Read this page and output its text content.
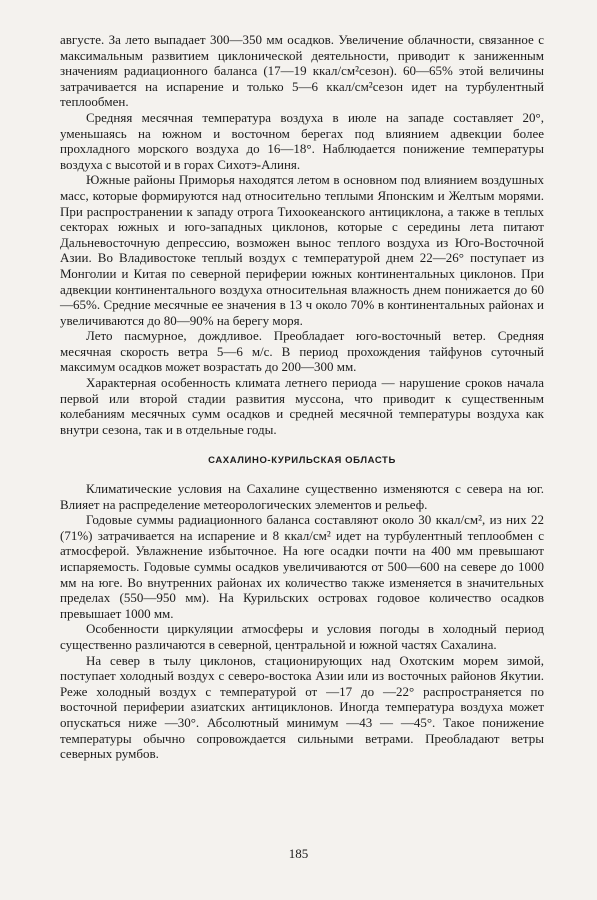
августе. За лето выпадает 300—350 мм осадков. Увеличение облачности, связанное с максимальным развитием циклонической деятельности, приводит к заниженным значениям радиационного баланса (17—19 ккал/см²сезон). 60—65% этой величины затрачивается на испарение и только 5—6 ккал/см²сезон идет на турбулентный теплообмен.

Средняя месячная температура воздуха в июле на западе составляет 20°, уменьшаясь на южном и восточном берегах под влиянием адвекции более прохладного морского воздуха до 16—18°. Наблюдается понижение температуры воздуха с высотой и в горах Сихотэ-Алиня.

Южные районы Приморья находятся летом в основном под влиянием воздушных масс, которые формируются над относительно теплыми Японским и Желтым морями. При распространении к западу отрога Тихоокеанского антициклона, а также в теплых секторах южных и юго-западных циклонов, которые с середины лета питают Дальневосточную депрессию, возможен вынос теплого воздуха из Юго-Восточной Азии. Во Владивостоке теплый воздух с температурой днем 22—26° поступает из Монголии и Китая по северной периферии южных континентальных циклонов. При адвекции континентального воздуха относительная влажность днем понижается до 60—65%. Средние месячные ее значения в 13 ч около 70% в континентальных районах и увеличиваются до 80—90% на берегу моря.

Лето пасмурное, дождливое. Преобладает юго-восточный ветер. Средняя месячная скорость ветра 5—6 м/с. В период прохождения тайфунов суточный максимум осадков может возрастать до 200—300 мм.

Характерная особенность климата летнего периода — нарушение сроков начала первой или второй стадии развития муссона, что приводит к существенным колебаниям месячных сумм осадков и средней месячной температуры воздуха как внутри сезона, так и в отдельные годы.

САХАЛИНО-КУРИЛЬСКАЯ ОБЛАСТЬ

Климатические условия на Сахалине существенно изменяются с севера на юг. Влияет на распределение метеорологических элементов и рельеф.

Годовые суммы радиационного баланса составляют около 30 ккал/см², из них 22 (71%) затрачивается на испарение и 8 ккал/см² идет на турбулентный теплообмен с атмосферой. Увлажнение избыточное. На юге осадки почти на 400 мм превышают испаряемость. Годовые суммы осадков увеличиваются от 500—600 на севере до 1000 мм на юге. Во внутренних районах их количество также изменяется в значительных пределах (550—950 мм). На Курильских островах годовое количество осадков превышает 1000 мм.

Особенности циркуляции атмосферы и условия погоды в холодный период существенно различаются в северной, центральной и южной частях Сахалина.

На север в тылу циклонов, стационирующих над Охотским морем зимой, поступает холодный воздух с северо-востока Азии или из восточных районов Якутии. Реже холодный воздух с температурой от —17 до —22° распространяется по восточной периферии азиатских антициклонов. Иногда температура воздуха может опускаться ниже —30°. Абсолютный минимум —43 — —45°. Такое понижение температуры обычно сопровождается сильными ветрами. Преобладают ветры северных румбов.

185
